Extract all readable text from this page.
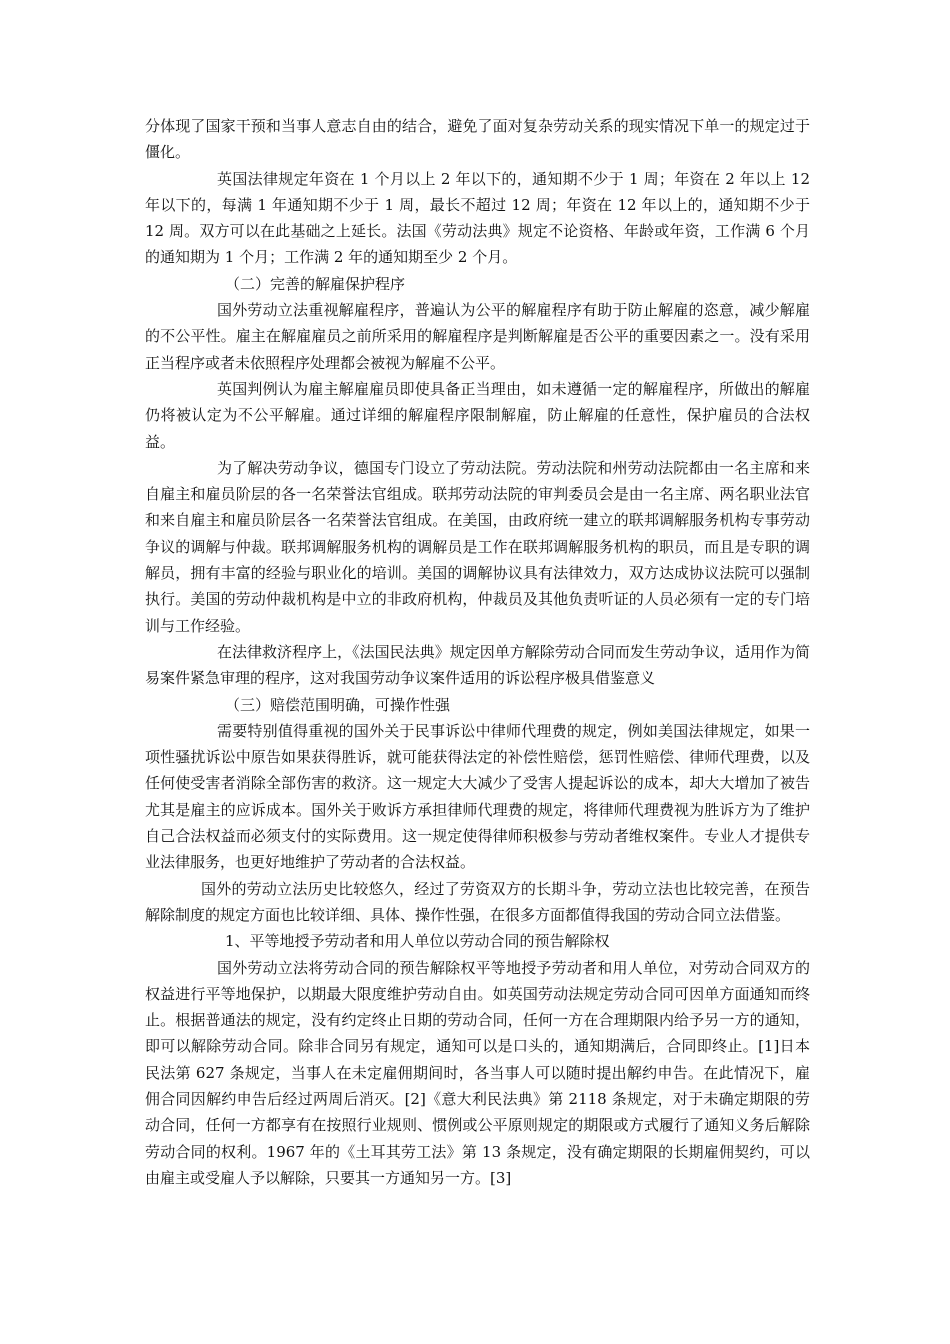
分体现了国家干预和当事人意志自由的结合，避免了面对复杂劳动关系的现实情况下单一的规定过于僵化。

英国法律规定年资在 1 个月以上 2 年以下的，通知期不少于 1 周；年资在 2 年以上 12 年以下的，每满 1 年通知期不少于 1 周，最长不超过 12 周；年资在 12 年以上的，通知期不少于 12 周。双方可以在此基础之上延长。法国《劳动法典》规定不论资格、年龄或年资，工作满 6 个月的通知期为 1 个月；工作满 2 年的通知期至少 2 个月。

（二）完善的解雇保护程序

国外劳动立法重视解雇程序，普遍认为公平的解雇程序有助于防止解雇的恣意，减少解雇的不公平性。雇主在解雇雇员之前所采用的解雇程序是判断解雇是否公平的重要因素之一。没有采用正当程序或者未依照程序处理都会被视为解雇不公平。

英国判例认为雇主解雇雇员即使具备正当理由，如未遵循一定的解雇程序，所做出的解雇仍将被认定为不公平解雇。通过详细的解雇程序限制解雇，防止解雇的任意性，保护雇员的合法权益。

为了解决劳动争议，德国专门设立了劳动法院。劳动法院和州劳动法院都由一名主席和来自雇主和雇员阶层的各一名荣誉法官组成。联邦劳动法院的审判委员会是由一名主席、两名职业法官和来自雇主和雇员阶层各一名荣誉法官组成。在美国，由政府统一建立的联邦调解服务机构专事劳动争议的调解与仲裁。联邦调解服务机构的调解员是工作在联邦调解服务机构的职员，而且是专职的调解员，拥有丰富的经验与职业化的培训。美国的调解协议具有法律效力，双方达成协议法院可以强制执行。美国的劳动仲裁机构是中立的非政府机构，仲裁员及其他负责听证的人员必须有一定的专门培训与工作经验。

在法律救济程序上，《法国民法典》规定因单方解除劳动合同而发生劳动争议，适用作为简易案件紧急审理的程序，这对我国劳动争议案件适用的诉讼程序极具借鉴意义

（三）赔偿范围明确，可操作性强

需要特别值得重视的国外关于民事诉讼中律师代理费的规定，例如美国法律规定，如果一项性骚扰诉讼中原告如果获得胜诉，就可能获得法定的补偿性赔偿，惩罚性赔偿、律师代理费，以及任何使受害者消除全部伤害的救济。这一规定大大减少了受害人提起诉讼的成本，却大大增加了被告尤其是雇主的应诉成本。国外关于败诉方承担律师代理费的规定，将律师代理费视为胜诉方为了维护自己合法权益而必须支付的实际费用。这一规定使得律师积极参与劳动者维权案件。专业人才提供专业法律服务，也更好地维护了劳动者的合法权益。

国外的劳动立法历史比较悠久，经过了劳资双方的长期斗争，劳动立法也比较完善，在预告解除制度的规定方面也比较详细、具体、操作性强，在很多方面都值得我国的劳动合同立法借鉴。

1、平等地授予劳动者和用人单位以劳动合同的预告解除权

国外劳动立法将劳动合同的预告解除权平等地授予劳动者和用人单位，对劳动合同双方的权益进行平等地保护，以期最大限度维护劳动自由。如英国劳动法规定劳动合同可因单方面通知而终止。根据普通法的规定，没有约定终止日期的劳动合同，任何一方在合理期限内给予另一方的通知，即可以解除劳动合同。除非合同另有规定，通知可以是口头的，通知期满后，合同即终止。[1]日本民法第 627 条规定，当事人在未定雇佣期间时，各当事人可以随时提出解约申告。在此情况下，雇佣合同因解约申告后经过两周后消灭。[2]《意大利民法典》第 2118 条规定，对于未确定期限的劳动合同，任何一方都享有在按照行业规则、惯例或公平原则规定的期限或方式履行了通知义务后解除劳动合同的权利。1967 年的《土耳其劳工法》第 13 条规定，没有确定期限的长期雇佣契约，可以由雇主或受雇人予以解除，只要其一方通知另一方。[3]
